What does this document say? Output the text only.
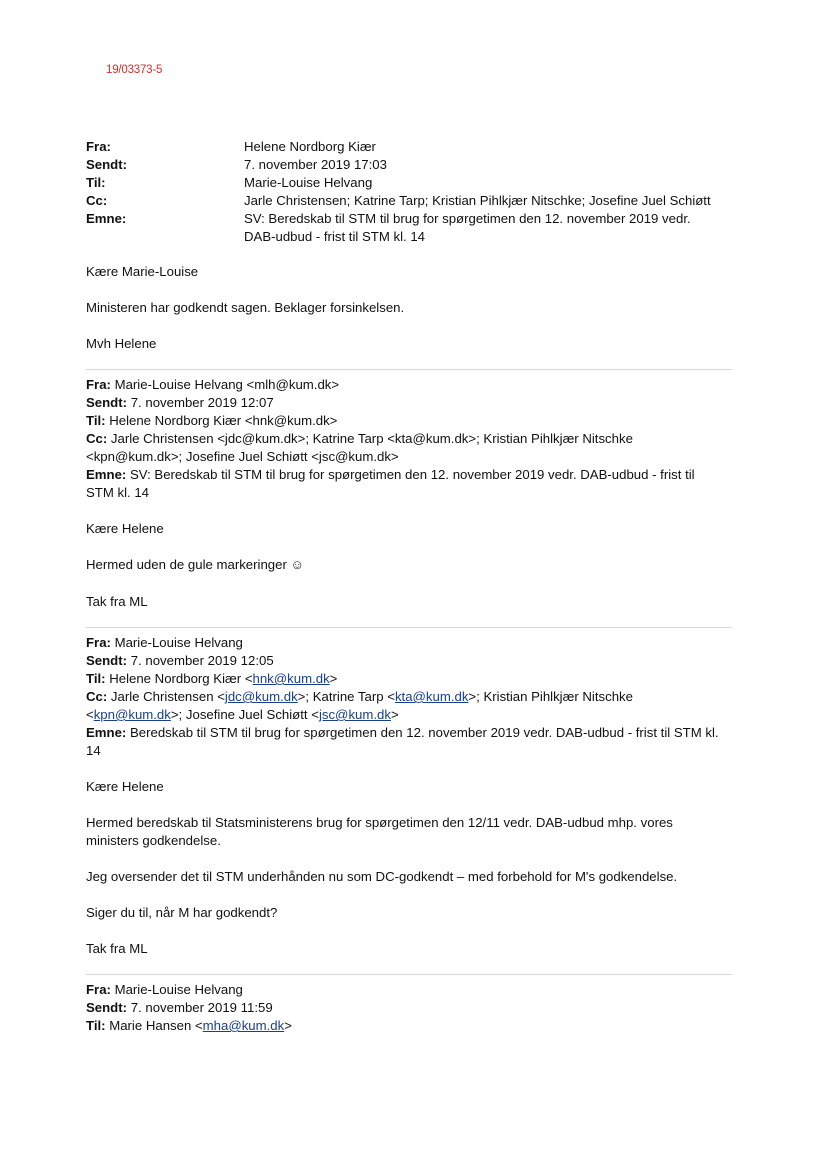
19/03373-5
Fra:	Helene Nordborg Kiær
Sendt:	7. november 2019 17:03
Til:	Marie-Louise Helvang
Cc:	Jarle Christensen; Katrine Tarp; Kristian Pihlkjær Nitschke; Josefine Juel Schiøtt
Emne:	SV: Beredskab til STM til brug for spørgetimen den 12. november 2019 vedr.
DAB-udbud - frist til STM kl. 14
Kære Marie-Louise
Ministeren har godkendt sagen. Beklager forsinkelsen.
Mvh Helene
Fra: Marie-Louise Helvang <mlh@kum.dk>
Sendt: 7. november 2019 12:07
Til: Helene Nordborg Kiær <hnk@kum.dk>
Cc: Jarle Christensen <jdc@kum.dk>; Katrine Tarp <kta@kum.dk>; Kristian Pihlkjær Nitschke
<kpn@kum.dk>; Josefine Juel Schiøtt <jsc@kum.dk>
Emne: SV: Beredskab til STM til brug for spørgetimen den 12. november 2019 vedr. DAB-udbud - frist til
STM kl. 14
Kære Helene
Hermed uden de gule markeringer ☺
Tak fra ML
Fra: Marie-Louise Helvang
Sendt: 7. november 2019 12:05
Til: Helene Nordborg Kiær <hnk@kum.dk>
Cc: Jarle Christensen <jdc@kum.dk>; Katrine Tarp <kta@kum.dk>; Kristian Pihlkjær Nitschke
<kpn@kum.dk>; Josefine Juel Schiøtt <jsc@kum.dk>
Emne: Beredskab til STM til brug for spørgetimen den 12. november 2019 vedr. DAB-udbud - frist til STM kl.
14
Kære Helene
Hermed beredskab til Statsministerens brug for spørgetimen den 12/11 vedr. DAB-udbud mhp. vores
ministers godkendelse.
Jeg oversender det til STM underhånden nu som DC-godkendt – med forbehold for M's godkendelse.
Siger du til, når M har godkendt?
Tak fra ML
Fra: Marie-Louise Helvang
Sendt: 7. november 2019 11:59
Til: Marie Hansen <mha@kum.dk>
